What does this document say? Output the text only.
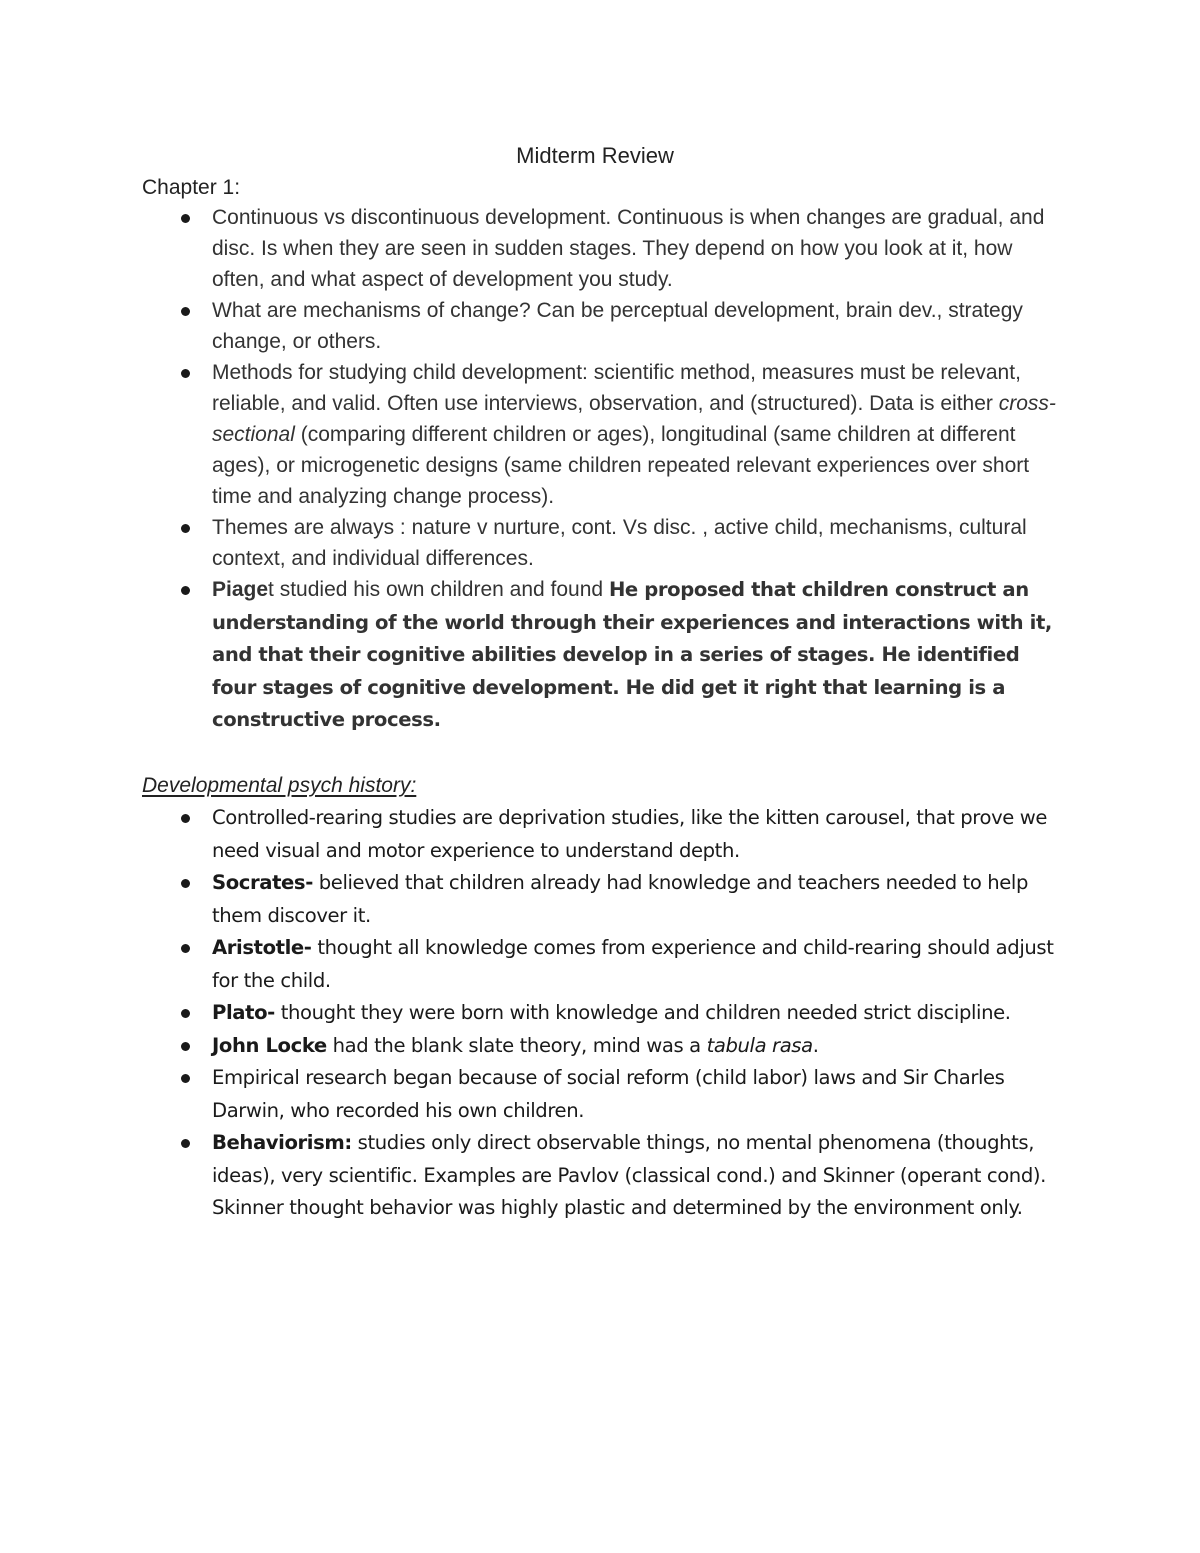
Midterm Review
Chapter 1:
Continuous vs discontinuous development. Continuous is when changes are gradual, and disc. Is when they are seen in sudden stages. They depend on how you look at it, how often, and what aspect of development you study.
What are mechanisms of change? Can be perceptual development, brain dev., strategy change, or others.
Methods for studying child development: scientific method, measures must be relevant, reliable, and valid. Often use interviews, observation, and (structured). Data is either cross-sectional (comparing different children or ages), longitudinal (same children at different ages), or microgenetic designs (same children repeated relevant experiences over short time and analyzing change process).
Themes are always : nature v nurture, cont. Vs disc. , active child, mechanisms, cultural context, and individual differences.
Piaget studied his own children and found He proposed that children construct an understanding of the world through their experiences and interactions with it, and that their cognitive abilities develop in a series of stages. He identified four stages of cognitive development. He did get it right that learning is a constructive process.
Developmental psych history:
Controlled-rearing studies are deprivation studies, like the kitten carousel, that prove we need visual and motor experience to understand depth.
Socrates- believed that children already had knowledge and teachers needed to help them discover it.
Aristotle- thought all knowledge comes from experience and child-rearing should adjust for the child.
Plato- thought they were born with knowledge and children needed strict discipline.
John Locke had the blank slate theory, mind was a tabula rasa.
Empirical research began because of social reform (child labor) laws and Sir Charles Darwin, who recorded his own children.
Behaviorism: studies only direct observable things, no mental phenomena (thoughts, ideas), very scientific. Examples are Pavlov (classical cond.) and Skinner (operant cond). Skinner thought behavior was highly plastic and determined by the environment only.
